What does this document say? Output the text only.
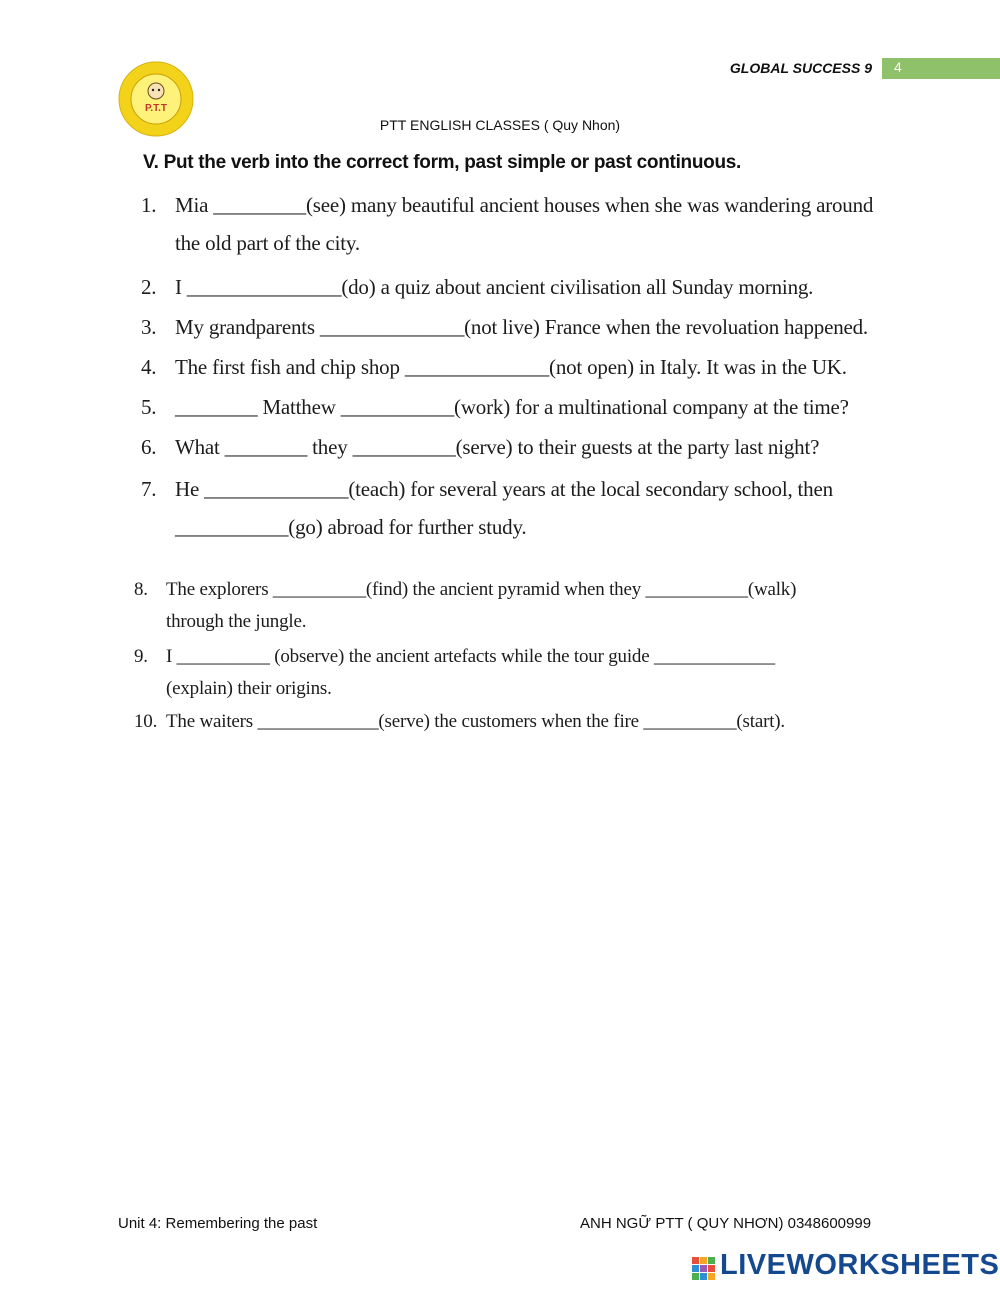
GLOBAL SUCCESS 9 4
P.T.T
PTT ENGLISH CLASSES ( Quy Nhon)
V. Put the verb into the correct form, past simple or past continuous.
1. Mia _________(see) many beautiful ancient houses when she was wandering around
the old part of the city.
2. I _______________(do) a quiz about ancient civilisation all Sunday morning.
3. My grandparents ______________(not live) France when the revoluation happened.
4. The first fish and chip shop ______________(not open) in Italy. It was in the UK.
5. ________ Matthew ___________(work) for a multinational company at the time?
6. What ________ they __________(serve) to their guests at the party last night?
7. He ______________(teach) for several years at the local secondary school, then
___________(go) abroad for further study.
8. The explorers __________(find) the ancient pyramid when they ___________(walk)
through the jungle.
9. I __________ (observe) the ancient artefacts while the tour guide _____________
(explain) their origins.
10. The waiters _____________(serve) the customers when the fire __________(start).
Unit 4: Remembering the past	ANH NGỮ PTT ( QUY NHƠN) 0348600999
LIVEWORKSHEETS
